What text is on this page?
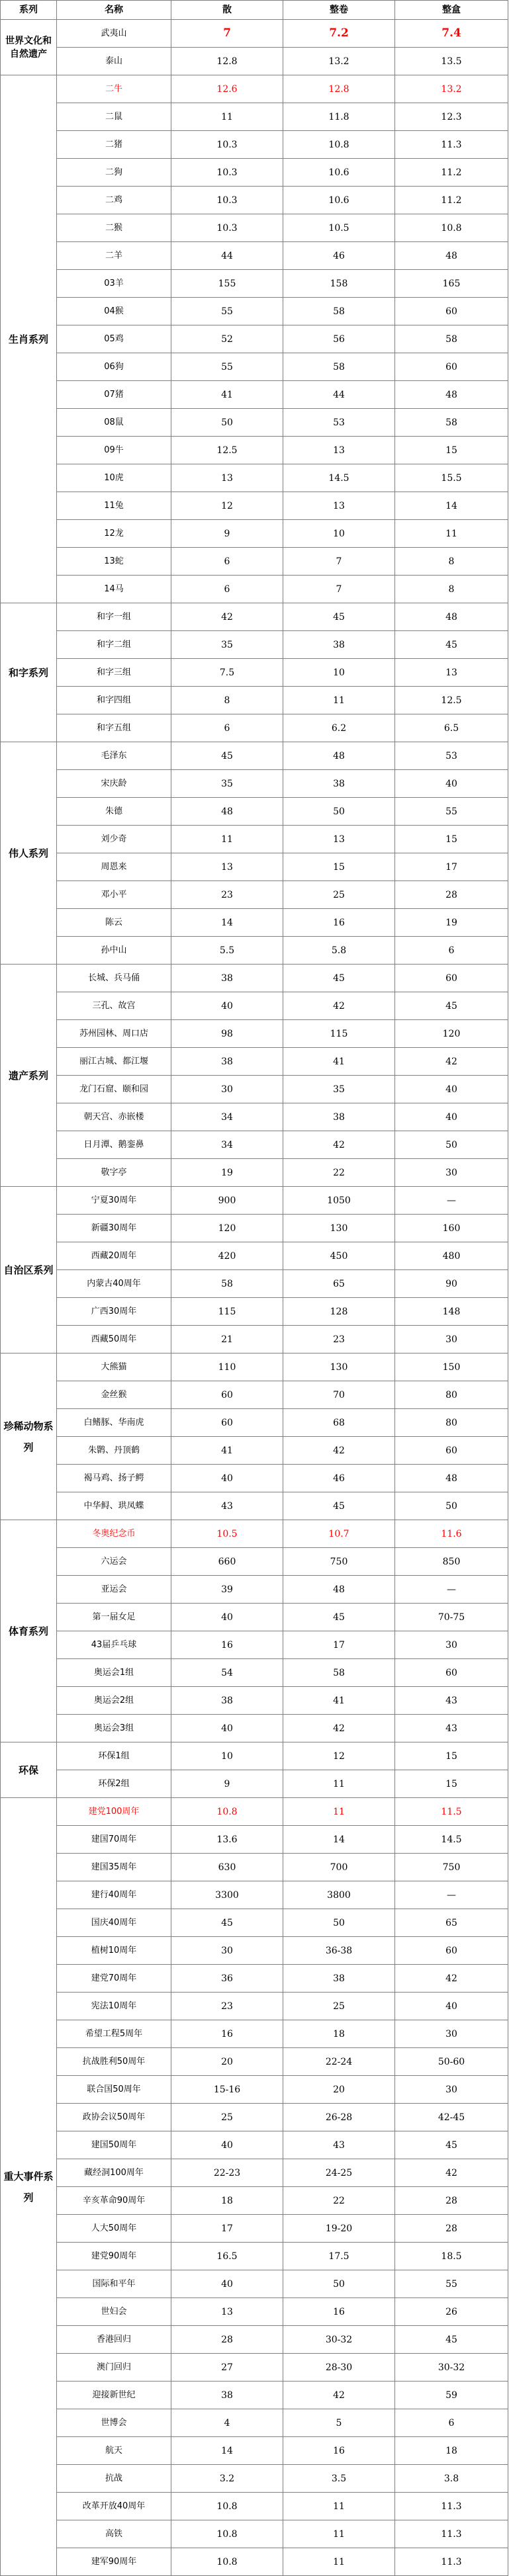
系列	名称	散	整卷	整盒
世界文化和自然遗产	武夷山	7	7.2	7.4
	泰山	12.8	13.2	13.5
生肖系列	二牛	12.6	12.8	13.2
	二鼠	11	11.8	12.3
	二猪	10.3	10.8	11.3
	二狗	10.3	10.6	11.2
	二鸡	10.3	10.6	11.2
	二猴	10.3	10.5	10.8
	二羊	44	46	48
	03羊	155	158	165
	04猴	55	58	60
	05鸡	52	56	58
	06狗	55	58	60
	07猪	41	44	48
	08鼠	50	53	58
	09牛	12.5	13	15
	10虎	13	14.5	15.5
	11兔	12	13	14
	12龙	9	10	11
	13蛇	6	7	8
	14马	6	7	8
和字系列	和字一组	42	45	48
	和字二组	35	38	45
	和字三组	7.5	10	13
	和字四组	8	11	12.5
	和字五组	6	6.2	6.5
伟人系列	毛泽东	45	48	53
	宋庆龄	35	38	40
	朱德	48	50	55
	刘少奇	11	13	15
	周恩来	13	15	17
	邓小平	23	25	28
	陈云	14	16	19
	孙中山	5.5	5.8	6
遗产系列	长城、兵马俑	38	45	60
	三孔、故宫	40	42	45
	苏州园林、周口店	98	115	120
	丽江古城、都江堰	38	41	42
	龙门石窟、颐和园	30	35	40
	朝天宫、赤嵌楼	34	38	40
	日月潭、鹅銮鼻	34	42	50
	敬字亭	19	22	30
自治区系列	宁夏30周年	900	1050	—
	新疆30周年	120	130	160
	西藏20周年	420	450	480
	内蒙古40周年	58	65	90
	广西30周年	115	128	148
	西藏50周年	21	23	30
珍稀动物系列	大熊猫	110	130	150
	金丝猴	60	70	80
	白鳍豚、华南虎	60	68	80
	朱鹮、丹顶鹤	41	42	60
	褐马鸡、扬子鳄	40	46	48
	中华鲟、珙凤蝶	43	45	50
体育系列	冬奥纪念币	10.5	10.7	11.6
	六运会	660	750	850
	亚运会	39	48	—
	第一届女足	40	45	70-75
	43届乒乓球	16	17	30
	奥运会1组	54	58	60
	奥运会2组	38	41	43
	奥运会3组	40	42	43
环保	环保1组	10	12	15
	环保2组	9	11	15
重大事件系列	建党100周年	10.8	11	11.5
	建国70周年	13.6	14	14.5
	建国35周年	630	700	750
	建行40周年	3300	3800	—
	国庆40周年	45	50	65
	植树10周年	30	36-38	60
	建党70周年	36	38	42
	宪法10周年	23	25	40
	希望工程5周年	16	18	30
	抗战胜利50周年	20	22-24	50-60
	联合国50周年	15-16	20	30
	政协会议50周年	25	26-28	42-45
	建国50周年	40	43	45
	藏经洞100周年	22-23	24-25	42
	辛亥革命90周年	18	22	28
	人大50周年	17	19-20	28
	建党90周年	16.5	17.5	18.5
	国际和平年	40	50	55
	世妇会	13	16	26
	香港回归	28	30-32	45
	澳门回归	27	28-30	30-32
	迎接新世纪	38	42	59
	世博会	4	5	6
	航天	14	16	18
	抗战	3.2	3.5	3.8
	改革开放40周年	10.8	11	11.3
	高铁	10.8	11	11.3
	建军90周年	10.8	11	11.3
